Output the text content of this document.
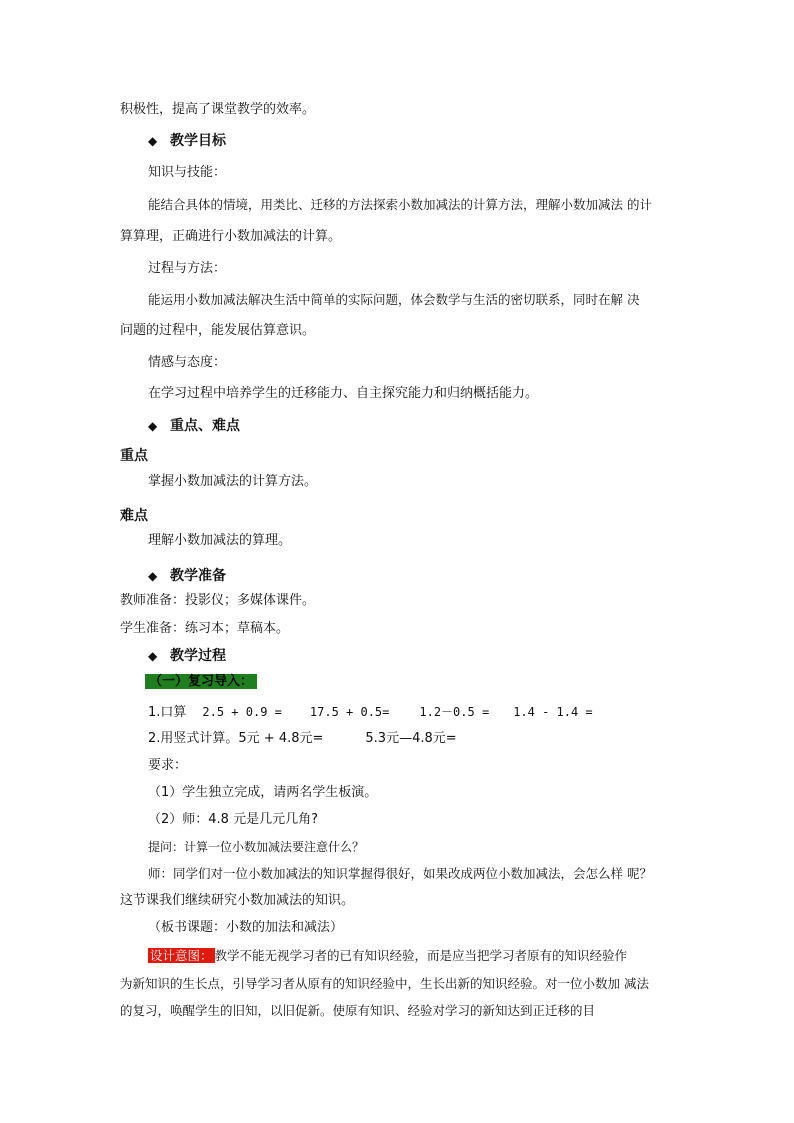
积极性，提高了课堂教学的效率。
◆ 教学目标
知识与技能：
能结合具体的情境，用类比、迁移的方法探索小数加减法的计算方法，理解小数加减法 的计
算算理，正确进行小数加减法的计算。
过程与方法：
能运用小数加减法解决生活中简单的实际问题，体会数学与生活的密切联系，同时在解 决
问题的过程中，能发展估算意识。
情感与态度：
在学习过程中培养学生的迁移能力、自主探究能力和归纳概括能力。
◆ 重点、难点
重点
掌握小数加减法的计算方法。
难点
理解小数加减法的算理。
◆ 教学准备
教师准备：投影仪；多媒体课件。
学生准备：练习本；草稿本。
◆ 教学过程
（一）复习导入：
1.口算 2.5 + 0.9 = 17.5 + 0.5=	1.2－0.5 = 1.4 - 1.4 =
2.用竖式计算。5元 + 4.8元=	5.3元—4.8元=
要求：
（1）学生独立完成，请两名学生板演。
（2）师：4.8 元是几元几角?
提问：计算一位小数加减法要注意什么？
师：同学们对一位小数加减法的知识掌握得很好，如果改成两位小数加减法，会怎么样 呢？
这节课我们继续研究小数加减法的知识。
（板书课题：小数的加法和减法）
设计意图： 教学不能无视学习者的已有知识经验，而是应当把学习者原有的知识经验作
为新知识的生长点，引导学习者从原有的知识经验中，生长出新的知识经验。对一位小数加 减法
的复习，唤醒学生的旧知，以旧促新。使原有知识、经验对学习的新知达到正迁移的目
